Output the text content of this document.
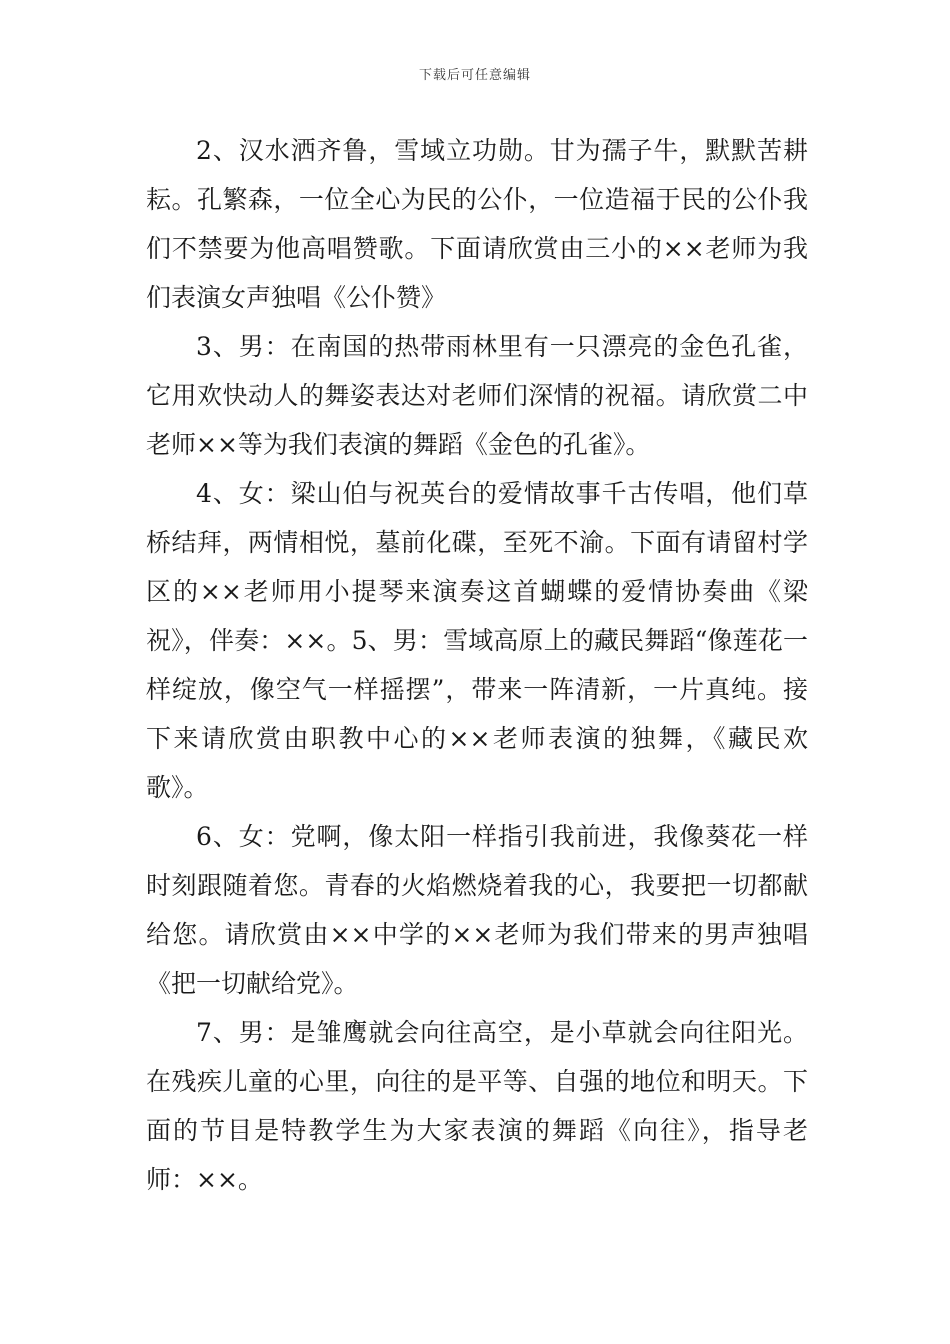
下载后可任意编辑

2、汉水洒齐鲁，雪域立功勋。甘为孺子牛，默默苦耕耘。孔繁森，一位全心为民的公仆，一位造福于民的公仆我们不禁要为他高唱赞歌。下面请欣赏由三小的××老师为我们表演女声独唱《公仆赞》

3、男：在南国的热带雨林里有一只漂亮的金色孔雀，它用欢快动人的舞姿表达对老师们深情的祝福。请欣赏二中老师××等为我们表演的舞蹈《金色的孔雀》。

4、女：梁山伯与祝英台的爱情故事千古传唱，他们草桥结拜，两情相悦，墓前化碟，至死不渝。下面有请留村学区的××老师用小提琴来演奏这首蝴蝶的爱情协奏曲《梁祝》，伴奏：××。5、男：雪域高原上的藏民舞蹈“像莲花一样绽放，像空气一样摇摆”，带来一阵清新，一片真纯。接下来请欣赏由职教中心的××老师表演的独舞，《藏民欢歌》。

6、女：党啊，像太阳一样指引我前进，我像葵花一样时刻跟随着您。青春的火焰燃烧着我的心，我要把一切都献给您。请欣赏由××中学的××老师为我们带来的男声独唱《把一切献给党》。

7、男：是雏鹰就会向往高空，是小草就会向往阳光。在残疾儿童的心里，向往的是平等、自强的地位和明天。下面的节目是特教学生为大家表演的舞蹈《向往》，指导老师：××。
